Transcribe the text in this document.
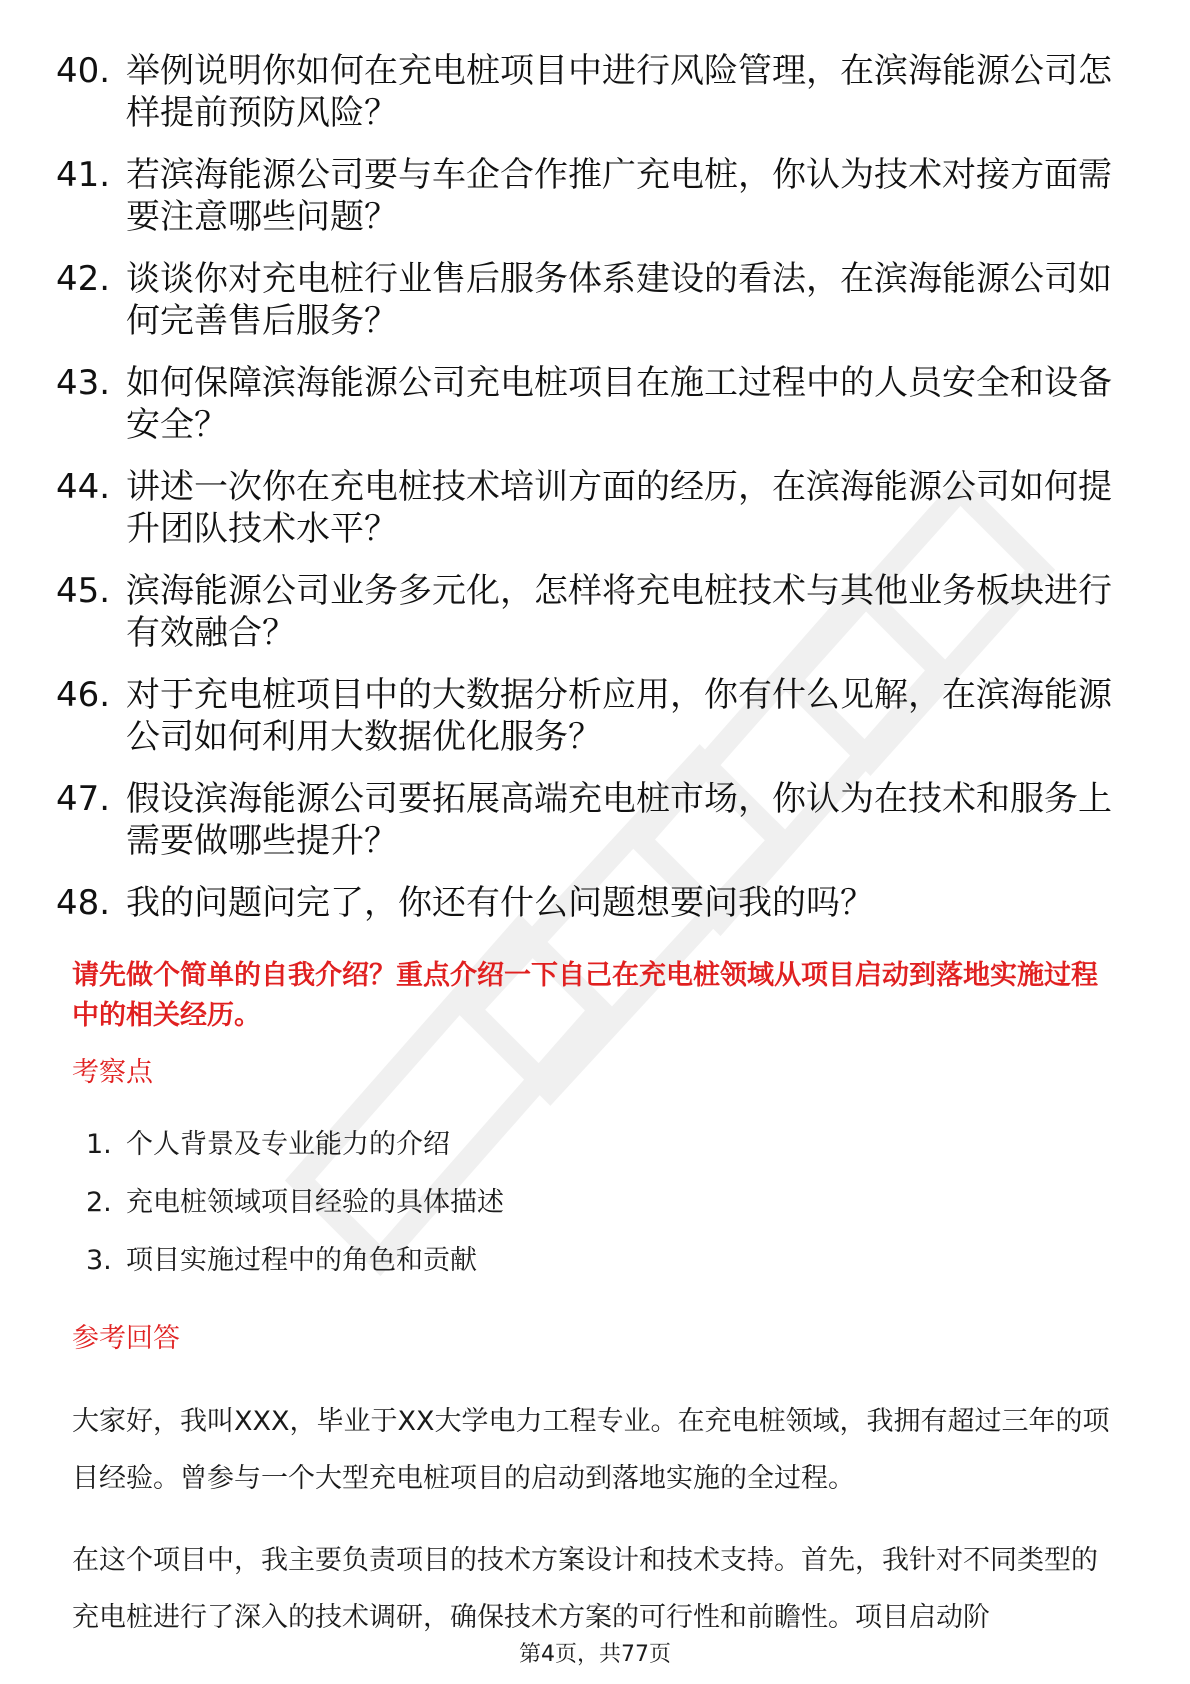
40. 举例说明你如何在充电桩项目中进行风险管理，在滨海能源公司怎样提前预防风险？
41. 若滨海能源公司要与车企合作推广充电桩，你认为技术对接方面需要注意哪些问题？
42. 谈谈你对充电桩行业售后服务体系建设的看法，在滨海能源公司如何完善售后服务？
43. 如何保障滨海能源公司充电桩项目在施工过程中的人员安全和设备安全？
44. 讲述一次你在充电桩技术培训方面的经历，在滨海能源公司如何提升团队技术水平？
45. 滨海能源公司业务多元化，怎样将充电桩技术与其他业务板块进行有效融合？
46. 对于充电桩项目中的大数据分析应用，你有什么见解，在滨海能源公司如何利用大数据优化服务？
47. 假设滨海能源公司要拓展高端充电桩市场，你认为在技术和服务上需要做哪些提升？
48. 我的问题问完了，你还有什么问题想要问我的吗？

请先做个简单的自我介绍？重点介绍一下自己在充电桩领域从项目启动到落地实施过程中的相关经历。

考察点

1. 个人背景及专业能力的介绍
2. 充电桩领域项目经验的具体描述
3. 项目实施过程中的角色和贡献

参考回答

大家好，我叫XXX，毕业于XX大学电力工程专业。在充电桩领域，我拥有超过三年的项目经验。曾参与一个大型充电桩项目的启动到落地实施的全过程。

在这个项目中，我主要负责项目的技术方案设计和技术支持。首先，我针对不同类型的充电桩进行了深入的技术调研，确保技术方案的可行性和前瞻性。项目启动阶

第4页，共77页
